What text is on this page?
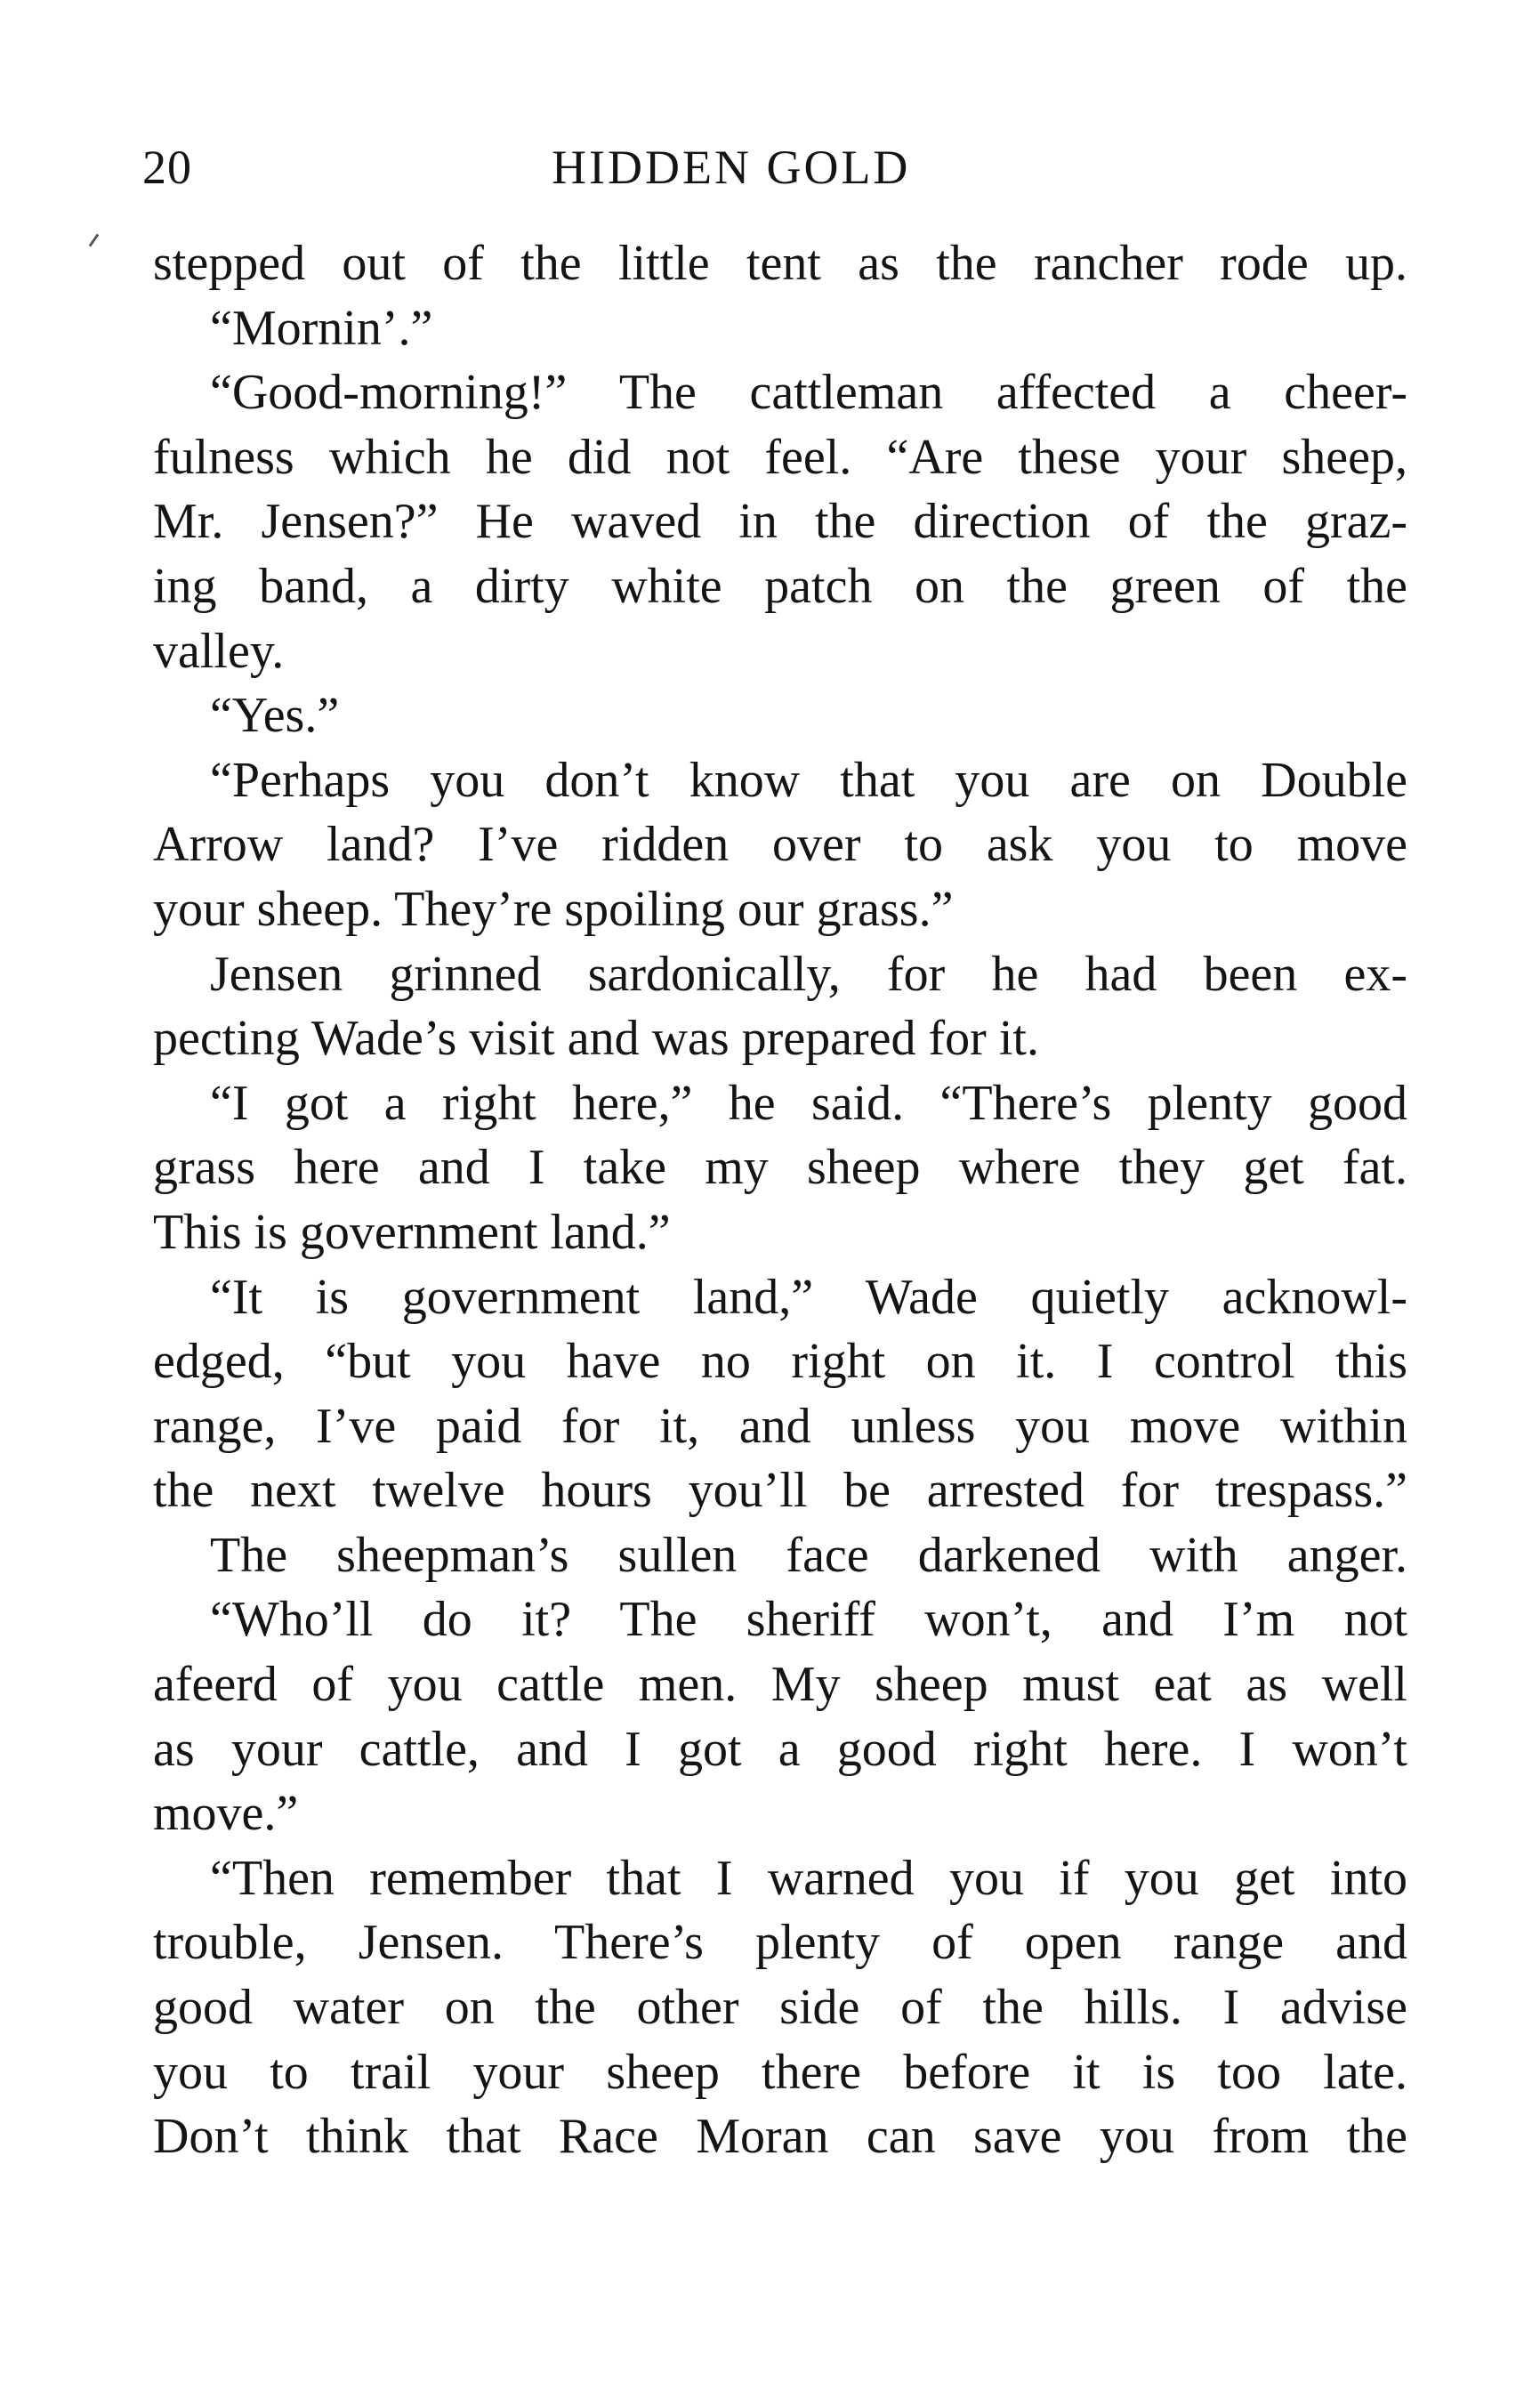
20	HIDDEN GOLD
stepped out of the little tent as the rancher rode up.
“Mornin’.”
“Good-morning!” The cattleman affected a cheer-
fulness which he did not feel. “Are these your sheep,
Mr. Jensen?” He waved in the direction of the graz-
ing band, a dirty white patch on the green of the
valley.
“Yes.”
“Perhaps you don’t know that you are on Double
Arrow land? I’ve ridden over to ask you to move
your sheep. They’re spoiling our grass.”
Jensen grinned sardonically, for he had been ex-
pecting Wade’s visit and was prepared for it.
“I got a right here,” he said. “There’s plenty good
grass here and I take my sheep where they get fat.
This is government land.”
“It is government land,” Wade quietly acknowl-
edged, “but you have no right on it. I control this
range, I’ve paid for it, and unless you move within
the next twelve hours you’ll be arrested for trespass.”
The sheepman’s sullen face darkened with anger.
“Who’ll do it? The sheriff won’t, and I’m not
afeerd of you cattle men. My sheep must eat as well
as your cattle, and I got a good right here. I won’t
move.”
“Then remember that I warned you if you get into
trouble, Jensen. There’s plenty of open range and
good water on the other side of the hills. I advise
you to trail your sheep there before it is too late.
Don’t think that Race Moran can save you from the
